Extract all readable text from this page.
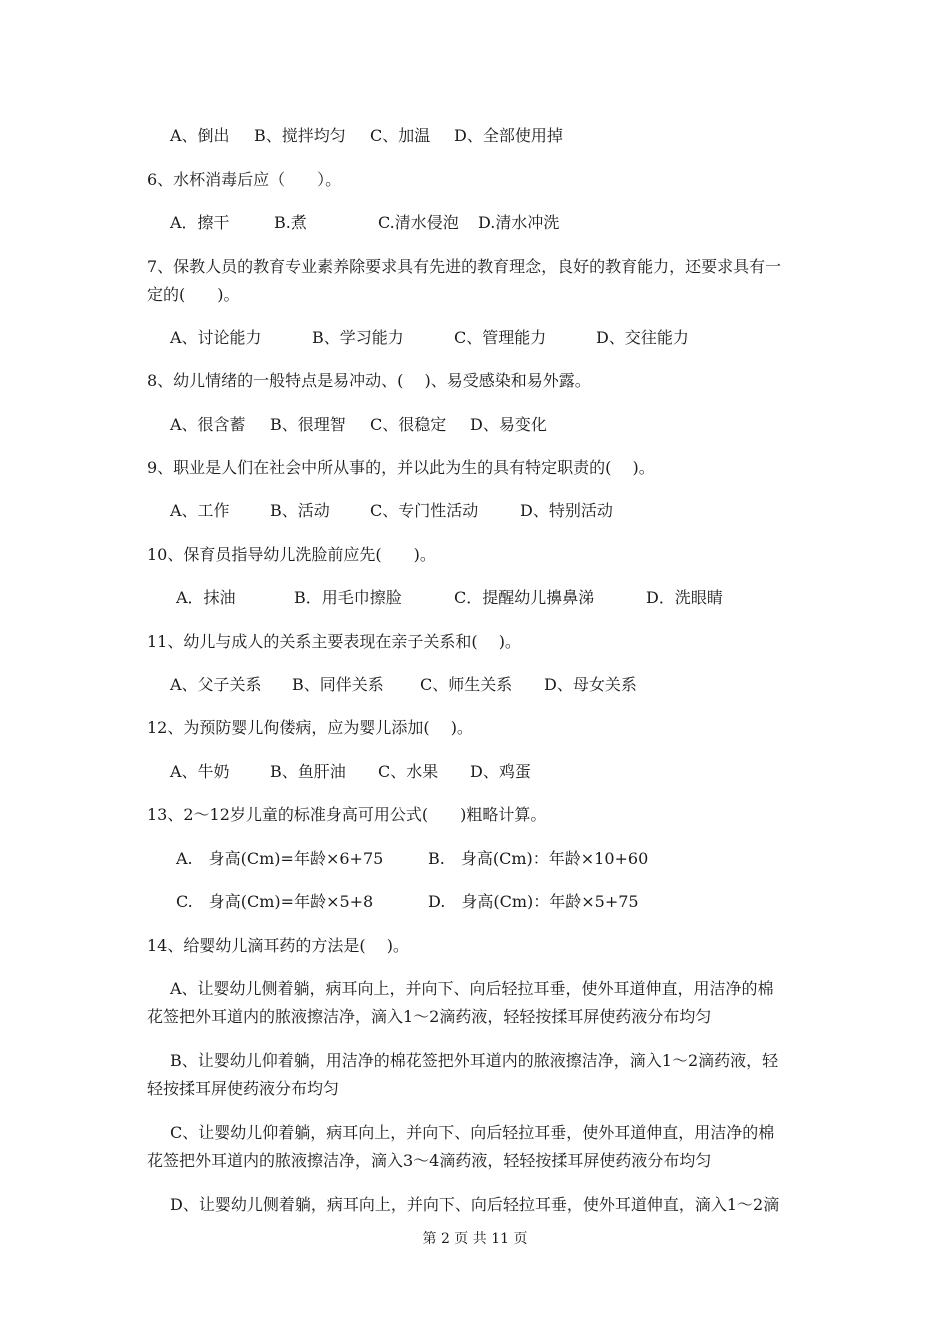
A、倒出 B、搅拌均匀 C、加温 D、全部使用掉
6、水杯消毒后应（　　）。
A．擦干	B.煮	C.清水侵泡 D.清水冲洗
7、保教人员的教育专业素养除要求具有先进的教育理念，良好的教育能力，还要求具有一
定的(　　)。
A、讨论能力	B、学习能力	C、管理能力	D、交往能力
8、幼儿情绪的一般特点是易冲动、(　 )、易受感染和易外露。
A、很含蓄 B、很理智 C、很稳定 D、易变化
9、职业是人们在社会中所从事的，并以此为生的具有特定职责的(　 )。
A、工作	B、活动	C、专门性活动	D、特别活动
10、保育员指导幼儿洗脸前应先(　　)。
A．抹油	B．用毛巾擦脸	C．提醒幼儿擤鼻涕	D．洗眼睛
11、幼儿与成人的关系主要表现在亲子关系和(　 )。
A、父子关系 B、同伴关系 C、师生关系 D、母女关系
12、为预防婴儿佝偻病，应为婴儿添加(　 )。
A、牛奶	B、鱼肝油 C、水果 D、鸡蛋
13、2～12岁儿童的标准身高可用公式(　　)粗略计算。
A.　身高(Cm)=年龄×6+75	B.　身高(Cm)：年龄×10+60
C.　身高(Cm)=年龄×5+8	D.　身高(Cm)：年龄×5+75
14、给婴幼儿滴耳药的方法是(　 )。
A、让婴幼儿侧着躺，病耳向上，并向下、向后轻拉耳垂，使外耳道伸直，用洁净的棉
花签把外耳道内的脓液擦洁净，滴入1～2滴药液，轻轻按揉耳屏使药液分布均匀
B、让婴幼儿仰着躺，用洁净的棉花签把外耳道内的脓液擦洁净，滴入1～2滴药液，轻
轻按揉耳屏使药液分布均匀
C、让婴幼儿仰着躺，病耳向上，并向下、向后轻拉耳垂，使外耳道伸直，用洁净的棉
花签把外耳道内的脓液擦洁净，滴入3～4滴药液，轻轻按揉耳屏使药液分布均匀
D、让婴幼儿侧着躺，病耳向上，并向下、向后轻拉耳垂，使外耳道伸直，滴入1～2滴
第 2 页 共 11 页
